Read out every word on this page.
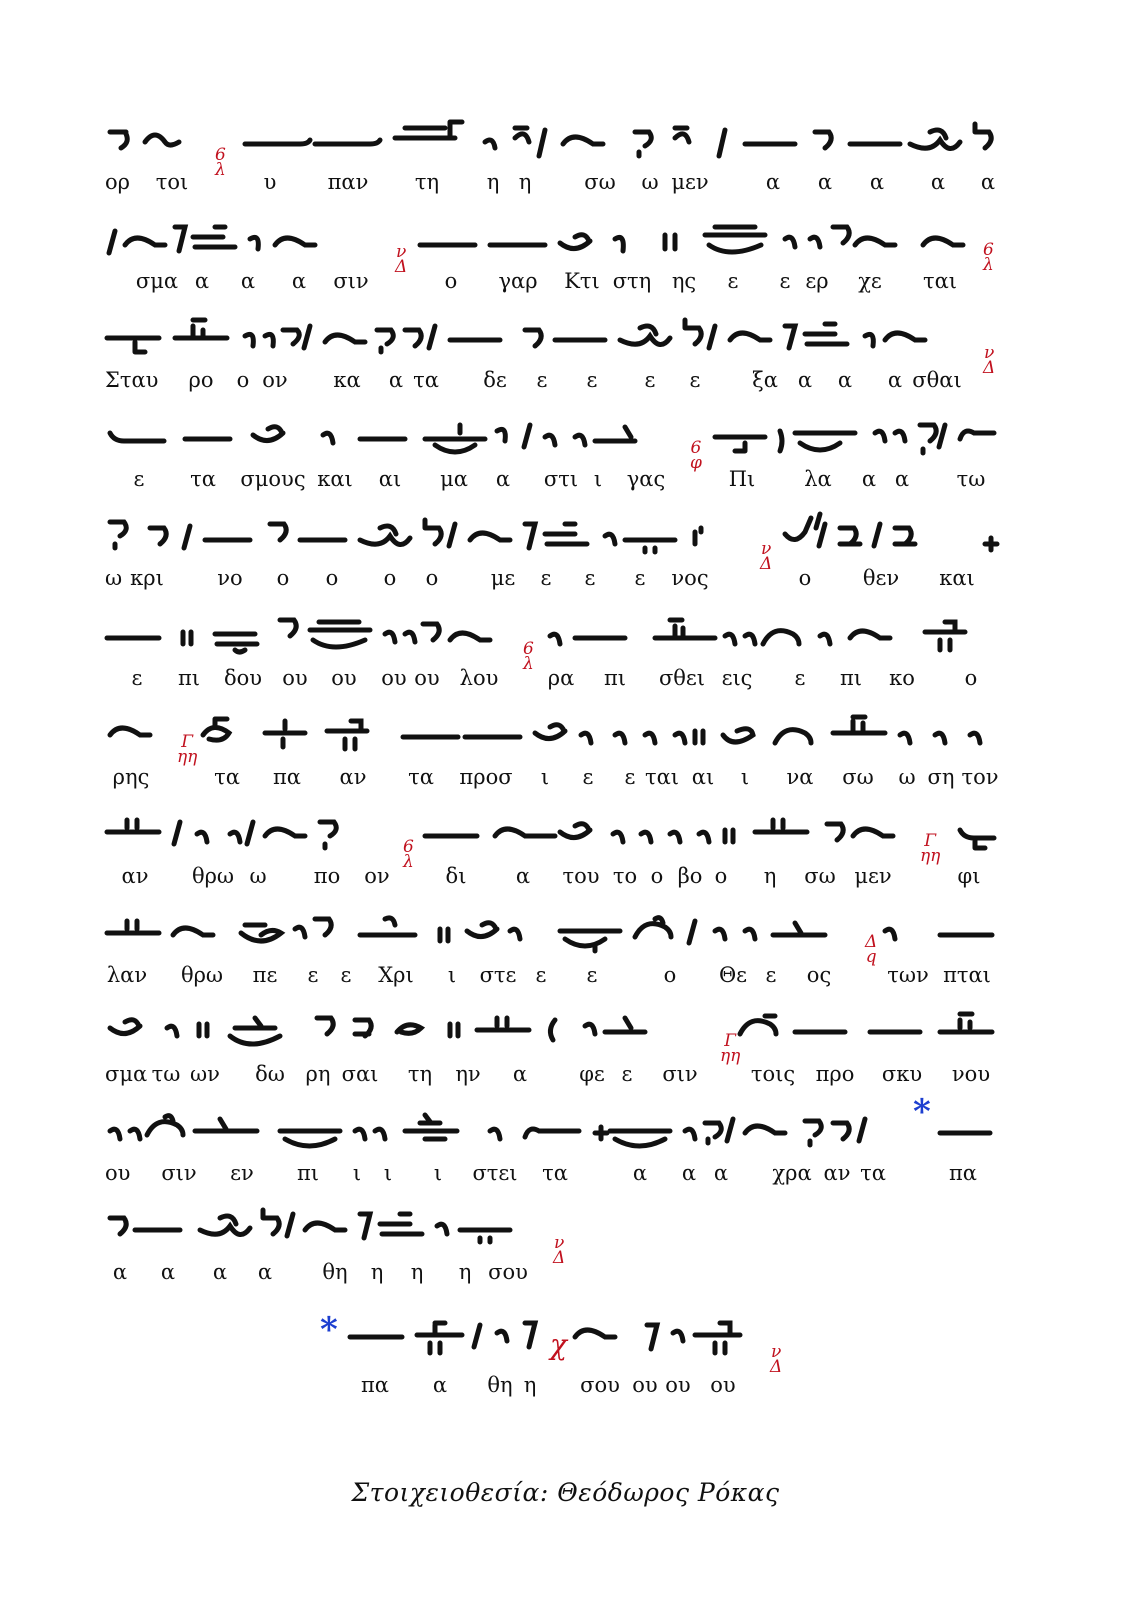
ορ τοι	υ παν τη η η	σω ω μεν	α α α α α
6
λ
σμα α α α σιν	ο γαρ Κτι στη ης ε ε ερ χε ται
ν
Δ
6
λ
Σταυ ρο ο ον κα α τα δε ε ε ε ε ξα α α α σθαι
ν
Δ
ε τα σμους και αι μα α στι ι γας	Πι λα α α τω
6
φ
ω κρι	νο ο ο ο ο με ε ε ε νος	ο θεν και
ν
Δ
ε πι δου ου ου ου ου λου ρα πι σθει εις ε πι κο ο
6
λ
ρης	τα πα αν τα προσ ι ε ε ται αι ι να σω ω ση τον
Γ
ηη
αν θρω ω πο ον	δι α του το ο βο ο η σω μεν	φι
6
λ
Γ
ηη
λαν θρω πε ε ε Χρι ι στε ε ε	ο Θε ε ος	των πται
Δ
q
σμα τω ων δω ρη σαι τη ην α φε ε σιν	τοις προ σκυ νου
Γ
ηη
ου σιν εν πι ι ι ι στει τα	α α α χρα αν τα	πα
*
α α α α θη η η η σου
ν
Δ
*
πα α θη η σου ου ου ου
χ	ν
Δ
Στοιχειοθεσία: Θεόδωρος Ρόκας
